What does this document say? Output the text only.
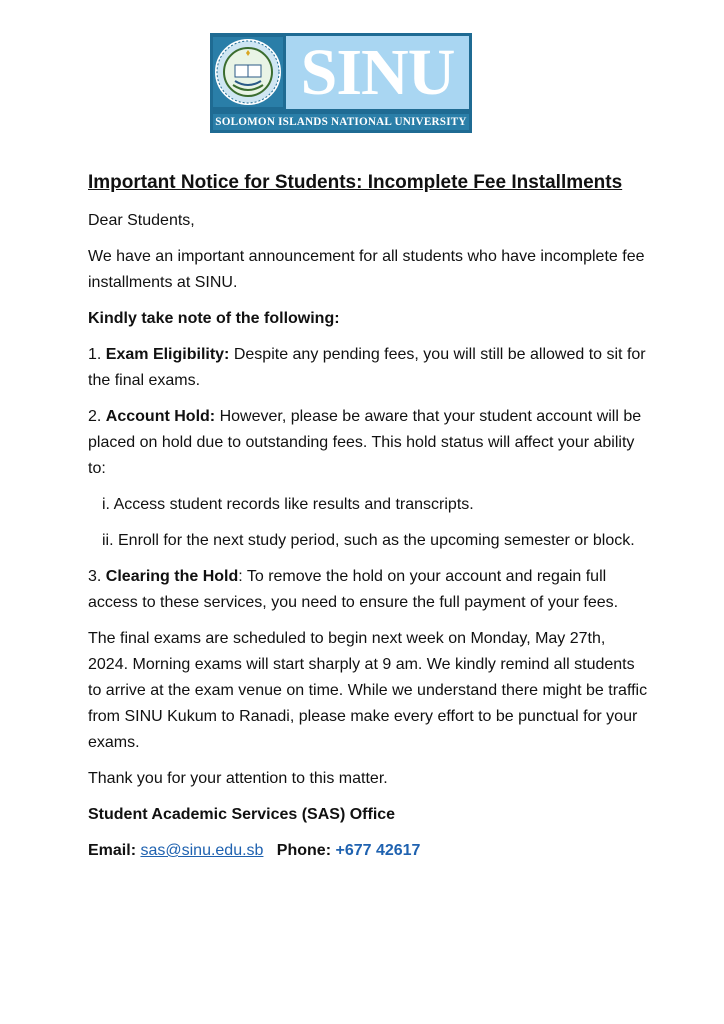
SINU
SOLOMON ISLANDS NATIONAL UNIVERSITY
Important Notice for Students: Incomplete Fee Installments

Dear Students,

We have an important announcement for all students who have incomplete fee installments at SINU.

Kindly take note of the following:

1. Exam Eligibility: Despite any pending fees, you will still be allowed to sit for the final exams.

2. Account Hold: However, please be aware that your student account will be placed on hold due to outstanding fees. This hold status will affect your ability to:

i. Access student records like results and transcripts.

ii. Enroll for the next study period, such as the upcoming semester or block.

3. Clearing the Hold: To remove the hold on your account and regain full access to these services, you need to ensure the full payment of your fees.

The final exams are scheduled to begin next week on Monday, May 27th, 2024. Morning exams will start sharply at 9 am. We kindly remind all students to arrive at the exam venue on time. While we understand there might be traffic from SINU Kukum to Ranadi, please make every effort to be punctual for your exams.

Thank you for your attention to this matter.

Student Academic Services (SAS) Office

Email: sas@sinu.edu.sb Phone: +677 42617
